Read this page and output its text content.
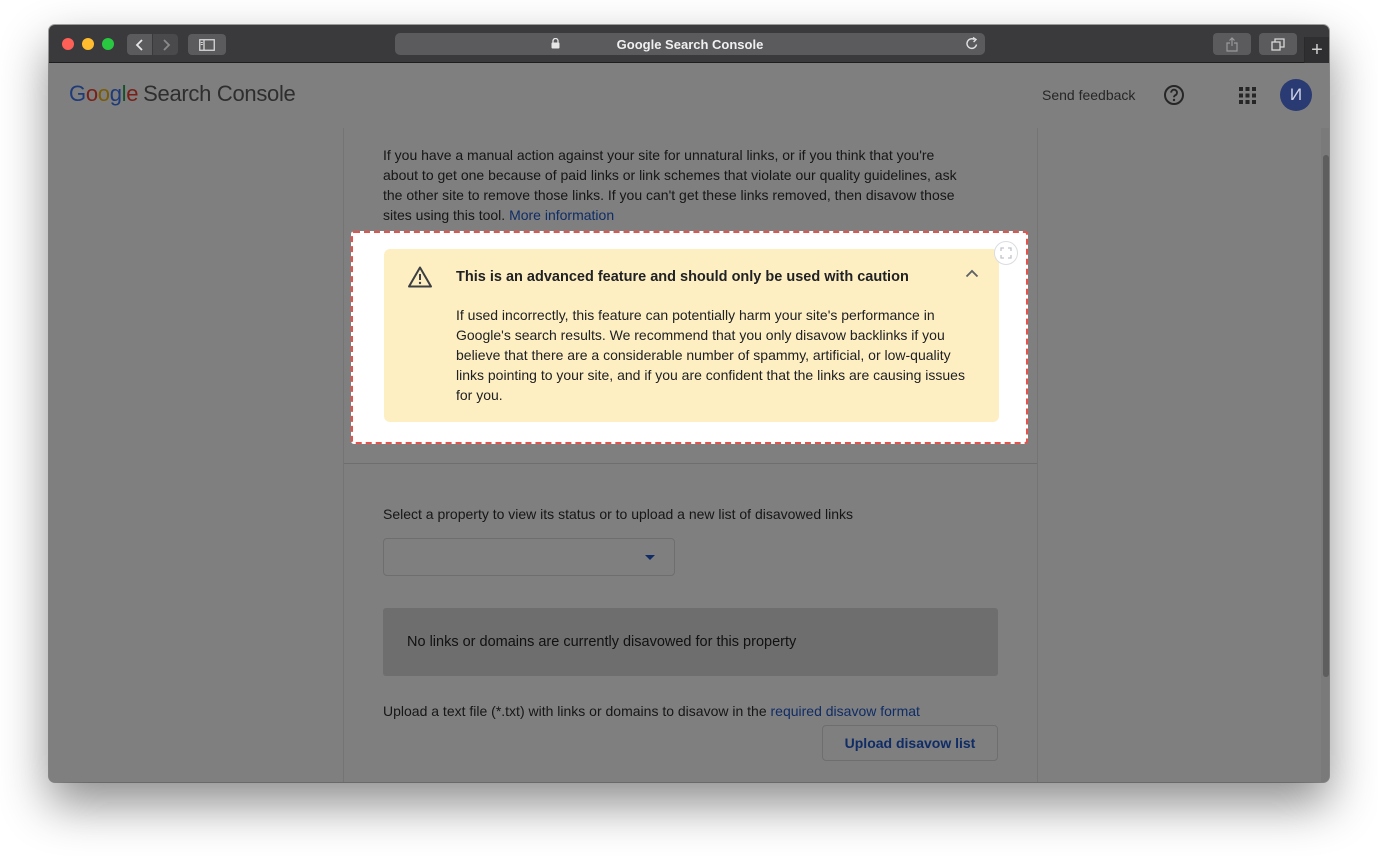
Google Search Console	+
Google Search Console	Send feedback	И
If you have a manual action against your site for unnatural links, or if you think that you're about to get one because of paid links or link schemes that violate our quality guidelines, ask the other site to remove those links. If you can't get these links removed, then disavow those sites using this tool. More information
Select a property to view its status or to upload a new list of disavowed links
No links or domains are currently disavowed for this property
Upload a text file (*.txt) with links or domains to disavow in the required disavow format
Upload disavow list
This is an advanced feature and should only be used with caution
If used incorrectly, this feature can potentially harm your site's performance in Google's search results. We recommend that you only disavow backlinks if you believe that there are a considerable number of spammy, artificial, or low-quality links pointing to your site, and if you are confident that the links are causing issues for you.
